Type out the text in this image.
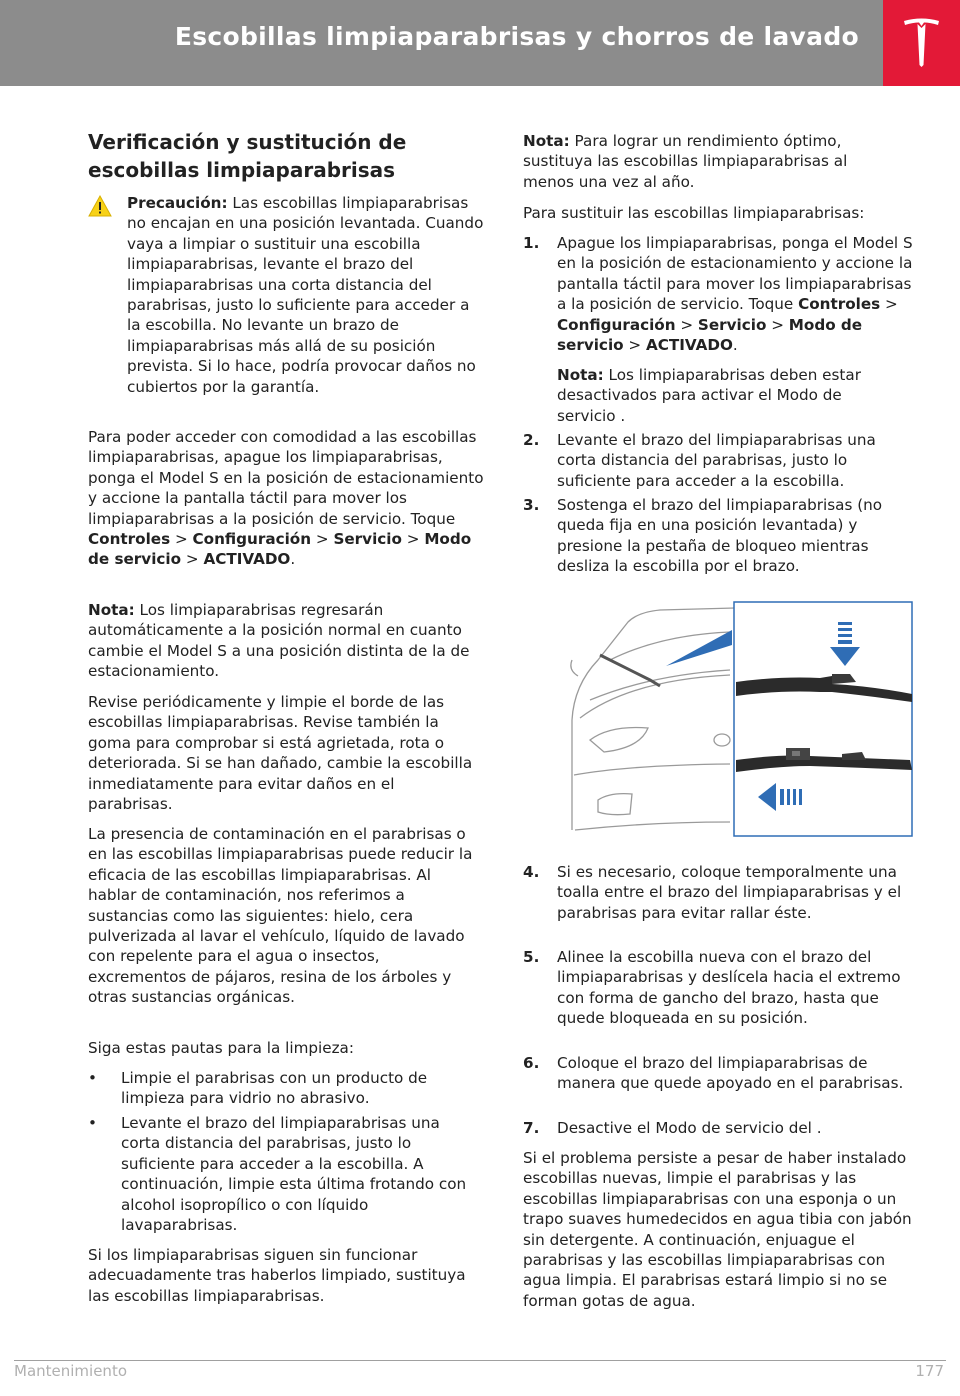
Escobillas limpiaparabrisas y chorros de lavado
Verificación y sustitución de escobillas limpiaparabrisas

Precaución: Las escobillas limpiaparabrisas no encajan en una posición levantada. Cuando vaya a limpiar o sustituir una escobilla limpiaparabrisas, levante el brazo del limpiaparabrisas una corta distancia del parabrisas, justo lo suficiente para acceder a la escobilla. No levante un brazo de limpiaparabrisas más allá de su posición prevista. Si lo hace, podría provocar daños no cubiertos por la garantía.

Para poder acceder con comodidad a las escobillas limpiaparabrisas, apague los limpiaparabrisas, ponga el Model S en la posición de estacionamiento y accione la pantalla táctil para mover los limpiaparabrisas a la posición de servicio. Toque Controles > Configuración > Servicio > Modo de servicio > ACTIVADO.

Nota: Los limpiaparabrisas regresarán automáticamente a la posición normal en cuanto cambie el Model S a una posición distinta de la de estacionamiento.

Revise periódicamente y limpie el borde de las escobillas limpiaparabrisas. Revise también la goma para comprobar si está agrietada, rota o deteriorada. Si se han dañado, cambie la escobilla inmediatamente para evitar daños en el parabrisas.

La presencia de contaminación en el parabrisas o en las escobillas limpiaparabrisas puede reducir la eficacia de las escobillas limpiaparabrisas. Al hablar de contaminación, nos referimos a sustancias como las siguientes: hielo, cera pulverizada al lavar el vehículo, líquido de lavado con repelente para el agua o insectos, excrementos de pájaros, resina de los árboles y otras sustancias orgánicas.

Siga estas pautas para la limpieza:

• Limpie el parabrisas con un producto de limpieza para vidrio no abrasivo.

• Levante el brazo del limpiaparabrisas una corta distancia del parabrisas, justo lo suficiente para acceder a la escobilla. A continuación, limpie esta última frotando con alcohol isopropílico o con líquido lavaparabrisas.

Si los limpiaparabrisas siguen sin funcionar adecuadamente tras haberlos limpiado, sustituya las escobillas limpiaparabrisas.

Nota: Para lograr un rendimiento óptimo, sustituya las escobillas limpiaparabrisas al menos una vez al año.

Para sustituir las escobillas limpiaparabrisas:

1. Apague los limpiaparabrisas, ponga el Model S en la posición de estacionamiento y accione la pantalla táctil para mover los limpiaparabrisas a la posición de servicio. Toque Controles > Configuración > Servicio > Modo de servicio > ACTIVADO.

Nota: Los limpiaparabrisas deben estar desactivados para activar el Modo de servicio .

2. Levante el brazo del limpiaparabrisas una corta distancia del parabrisas, justo lo suficiente para acceder a la escobilla.

3. Sostenga el brazo del limpiaparabrisas (no queda fija en una posición levantada) y presione la pestaña de bloqueo mientras desliza la escobilla por el brazo.

4. Si es necesario, coloque temporalmente una toalla entre el brazo del limpiaparabrisas y el parabrisas para evitar rallar éste.

5. Alinee la escobilla nueva con el brazo del limpiaparabrisas y deslícela hacia el extremo con forma de gancho del brazo, hasta que quede bloqueada en su posición.

6. Coloque el brazo del limpiaparabrisas de manera que quede apoyado en el parabrisas.

7. Desactive el Modo de servicio del .

Si el problema persiste a pesar de haber instalado escobillas nuevas, limpie el parabrisas y las escobillas limpiaparabrisas con una esponja o un trapo suaves humedecidos en agua tibia con jabón sin detergente. A continuación, enjuague el parabrisas y las escobillas limpiaparabrisas con agua limpia. El parabrisas estará limpio si no se forman gotas de agua.

Mantenimiento	177
